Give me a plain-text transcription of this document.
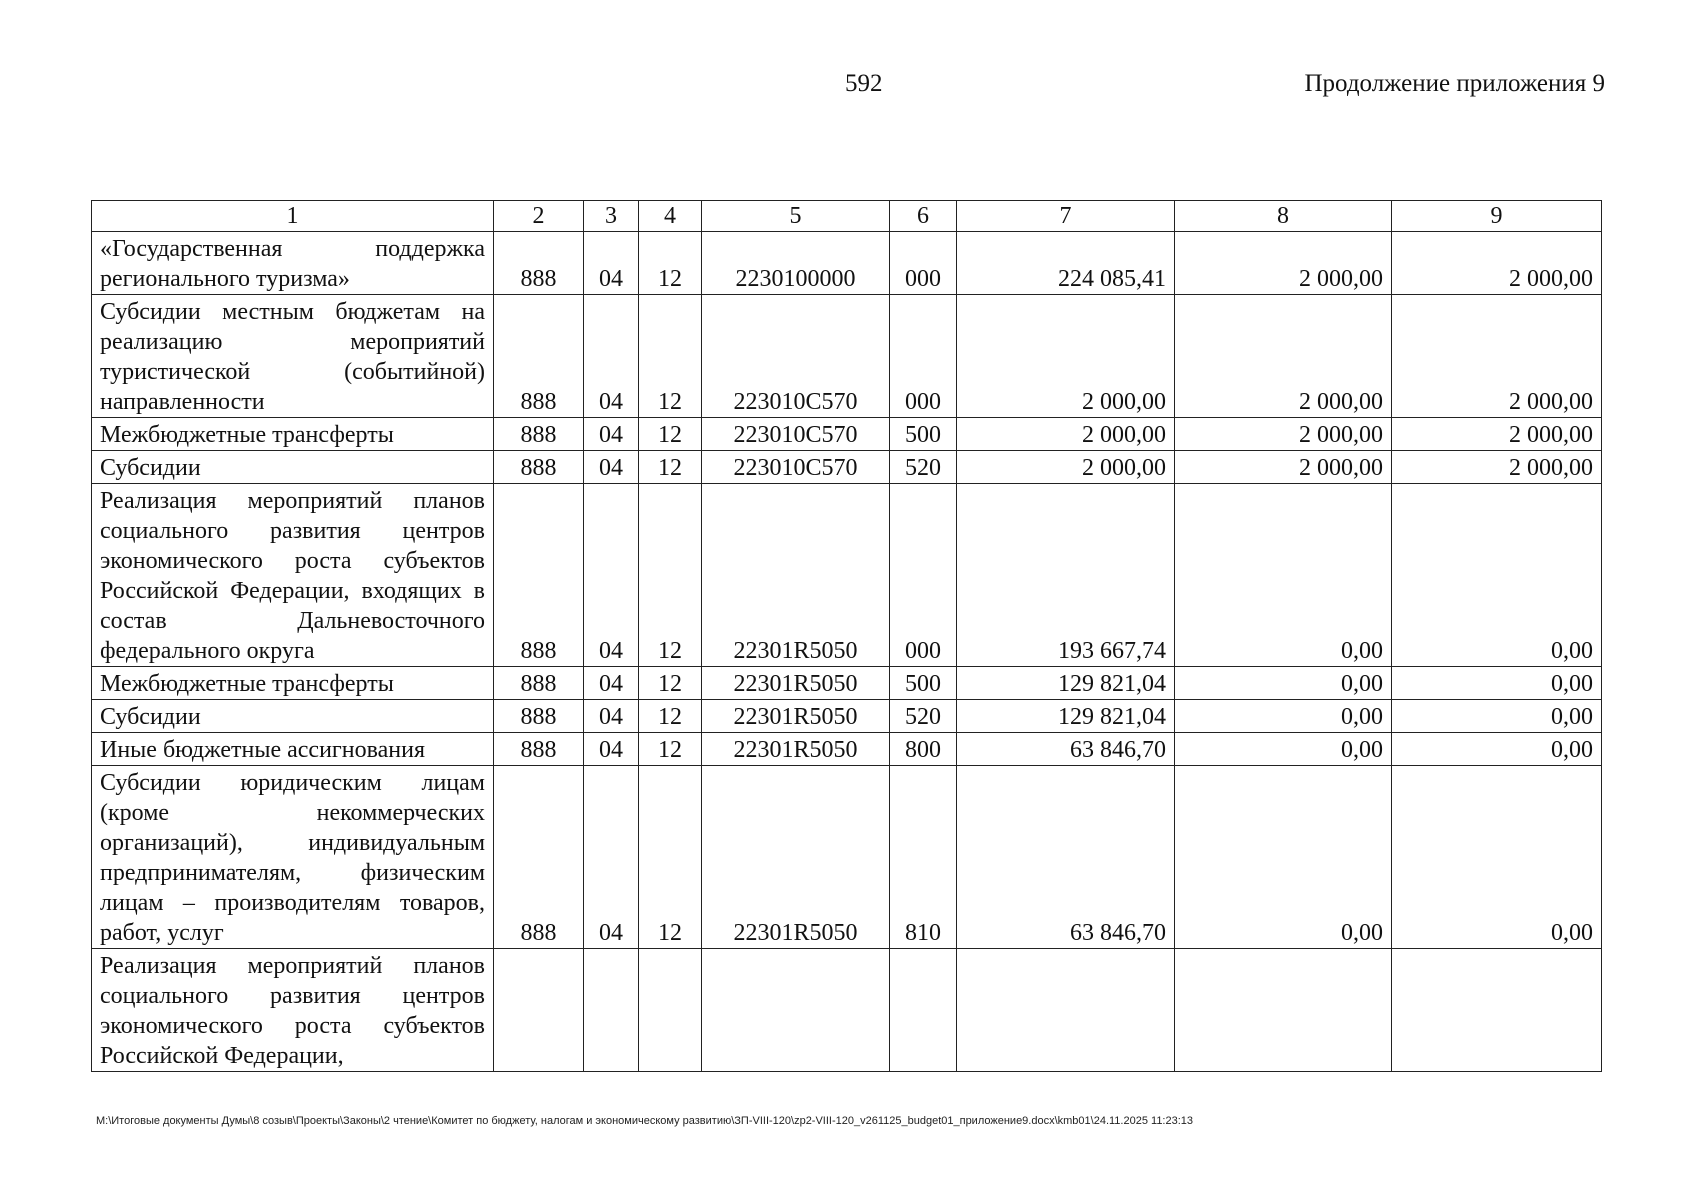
592	Продолжение приложения 9
1	2	3	4	5	6	7	8	9
«Государственная поддержка регионального туризма»	888	04	12	2230100000	000	224 085,41	2 000,00	2 000,00
Субсидии местным бюджетам на реализацию мероприятий туристической (событийной) направленности	888	04	12	223010С570	000	2 000,00	2 000,00	2 000,00
Межбюджетные трансферты	888	04	12	223010С570	500	2 000,00	2 000,00	2 000,00
Субсидии	888	04	12	223010С570	520	2 000,00	2 000,00	2 000,00
Реализация мероприятий планов социального развития центров экономического роста субъектов Российской Федерации, входящих в состав Дальневосточного федерального округа	888	04	12	22301R5050	000	193 667,74	0,00	0,00
Межбюджетные трансферты	888	04	12	22301R5050	500	129 821,04	0,00	0,00
Субсидии	888	04	12	22301R5050	520	129 821,04	0,00	0,00
Иные бюджетные ассигнования	888	04	12	22301R5050	800	63 846,70	0,00	0,00
Субсидии юридическим лицам (кроме некоммерческих организаций), индивидуальным предпринимателям, физическим лицам – производителям товаров, работ, услуг	888	04	12	22301R5050	810	63 846,70	0,00	0,00
Реализация мероприятий планов социального развития центров экономического роста субъектов Российской Федерации,								
M:\Итоговые документы Думы\8 созыв\Проекты\Законы\2 чтение\Комитет по бюджету, налогам и экономическому развитию\ЗП-VIII-120\zp2-VIII-120_v261125_budget01_приложение9.docx\kmb01\24.11.2025 11:23:13
